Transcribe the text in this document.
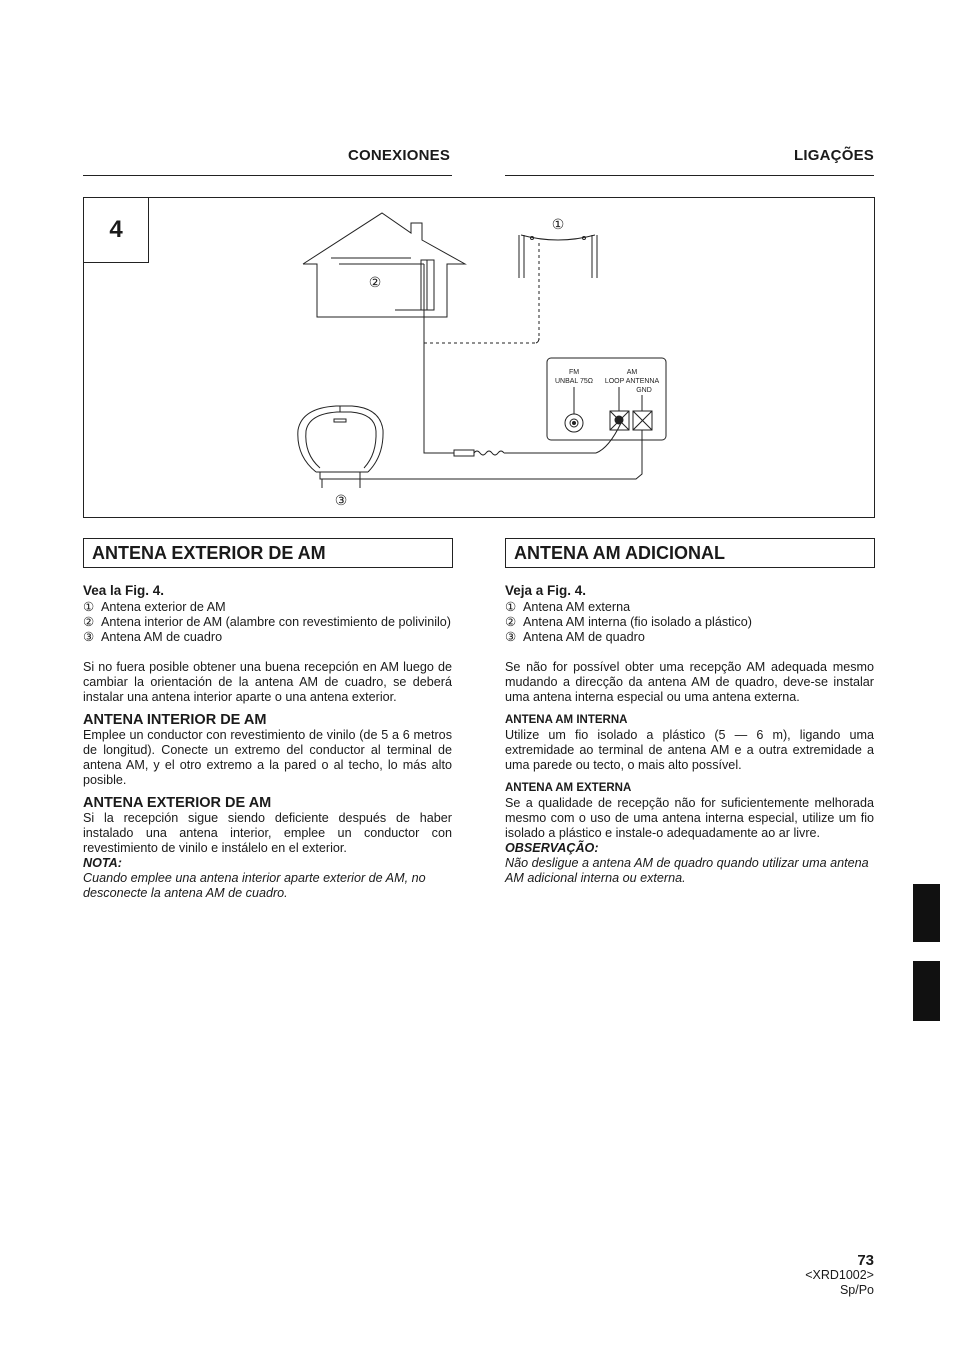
CONEXIONES	LIGAÇÕES
4
②
①
③
FM
UNBAL 75Ω
AM
LOOP ANTENNA
GND
ANTENA EXTERIOR DE AM	ANTENA AM ADICIONAL

Vea la Fig. 4.

① Antena exterior de AM
② Antena interior de AM (alambre con revestimiento de polivinilo)
③ Antena AM de cuadro

Si no fuera posible obtener una buena recepción en AM luego de cambiar la orientación de la antena AM de cuadro, se deberá instalar una antena interior aparte o una antena exterior.

ANTENA INTERIOR DE AM

Emplee un conductor con revestimiento de vinilo (de 5 a 6 metros de longitud). Conecte un extremo del conductor al terminal de antena AM, y el otro extremo a la pared o al techo, lo más alto posible.

ANTENA EXTERIOR DE AM

Si la recepción sigue siendo deficiente después de haber instalado una antena interior, emplee un conductor con revestimiento de vinilo e instálelo en el exterior.

NOTA:

Cuando emplee una antena interior aparte exterior de AM, no desconecte la antena AM de cuadro.

Veja a Fig. 4.

① Antena AM externa
② Antena AM interna (fio isolado a plástico)
③ Antena AM de quadro

Se não for possível obter uma recepção AM adequada mesmo mudando a direcção da antena AM de quadro, deve-se instalar uma antena interna especial ou uma antena externa.

ANTENA AM INTERNA

Utilize um fio isolado a plástico (5 — 6 m), ligando uma extremidade ao terminal de antena AM e a outra extremidade a uma parede ou tecto, o mais alto possível.

ANTENA AM EXTERNA

Se a qualidade de recepção não for suficientemente melhorada mesmo com o uso de uma antena interna especial, utilize um fio isolado a plástico e instale-o adequadamente ao ar livre.

OBSERVAÇÃO:

Não desligue a antena AM de quadro quando utilizar uma antena AM adicional interna ou externa.

73
<XRD1002>
Sp/Po
